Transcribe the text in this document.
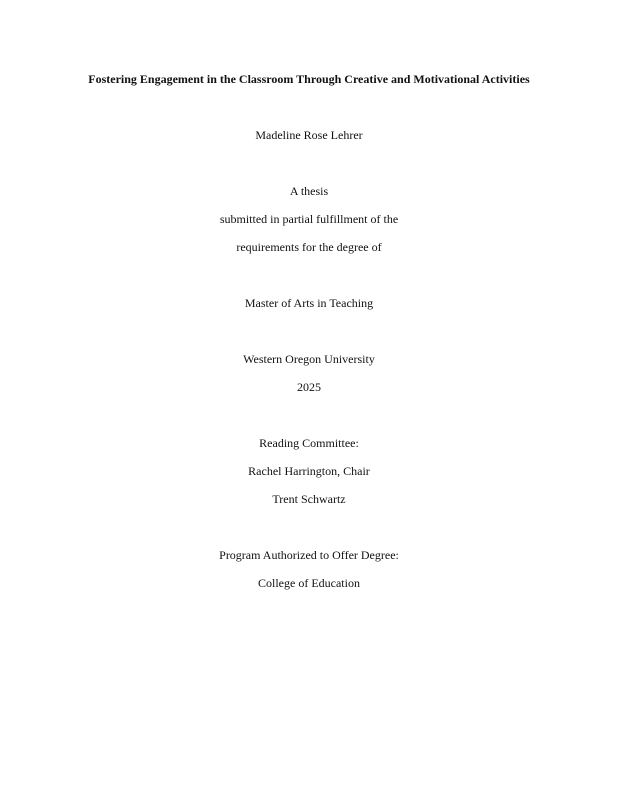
Fostering Engagement in the Classroom Through Creative and Motivational Activities
Madeline Rose Lehrer
A thesis
submitted in partial fulfillment of the
requirements for the degree of
Master of Arts in Teaching
Western Oregon University
2025
Reading Committee:
Rachel Harrington, Chair
Trent Schwartz
Program Authorized to Offer Degree:
College of Education
